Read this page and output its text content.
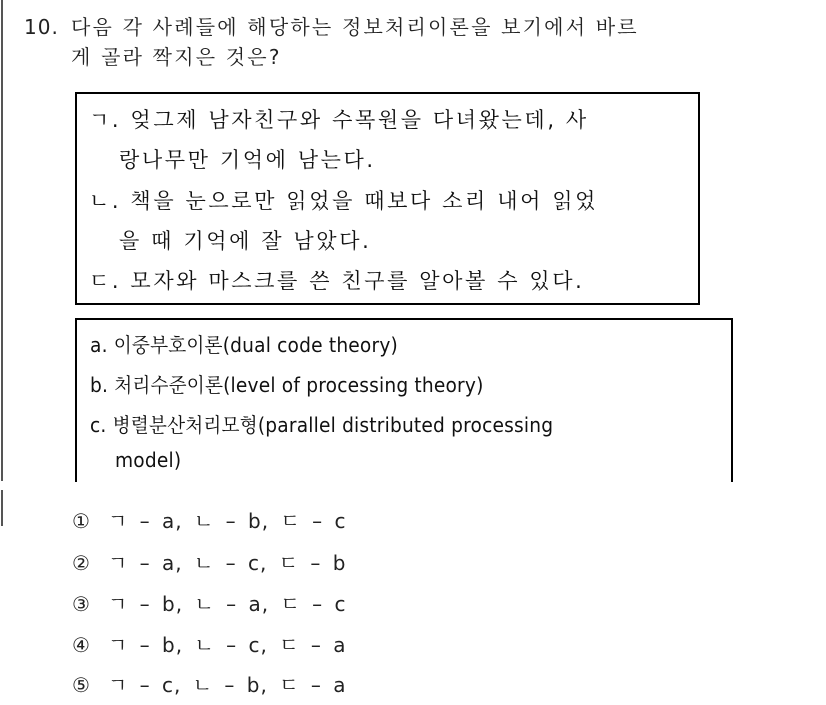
10. 다음 각 사례들에 해당하는 정보처리이론을 보기에서 바르
게 골라 짝지은 것은?
ㄱ. 엊그제 남자친구와 수목원을 다녀왔는데, 사
랑나무만 기억에 남는다.
ㄴ. 책을 눈으로만 읽었을 때보다 소리 내어 읽었
을 때 기억에 잘 남았다.
ㄷ. 모자와 마스크를 쓴 친구를 알아볼 수 있다.
a. 이중부호이론(dual code theory)
b. 처리수준이론(level of processing theory)
c. 병렬분산처리모형(parallel distributed processing
model)
① ㄱ – a, ㄴ – b, ㄷ – c
② ㄱ – a, ㄴ – c, ㄷ – b
③ ㄱ – b, ㄴ – a, ㄷ – c
④ ㄱ – b, ㄴ – c, ㄷ – a
⑤ ㄱ – c, ㄴ – b, ㄷ – a
